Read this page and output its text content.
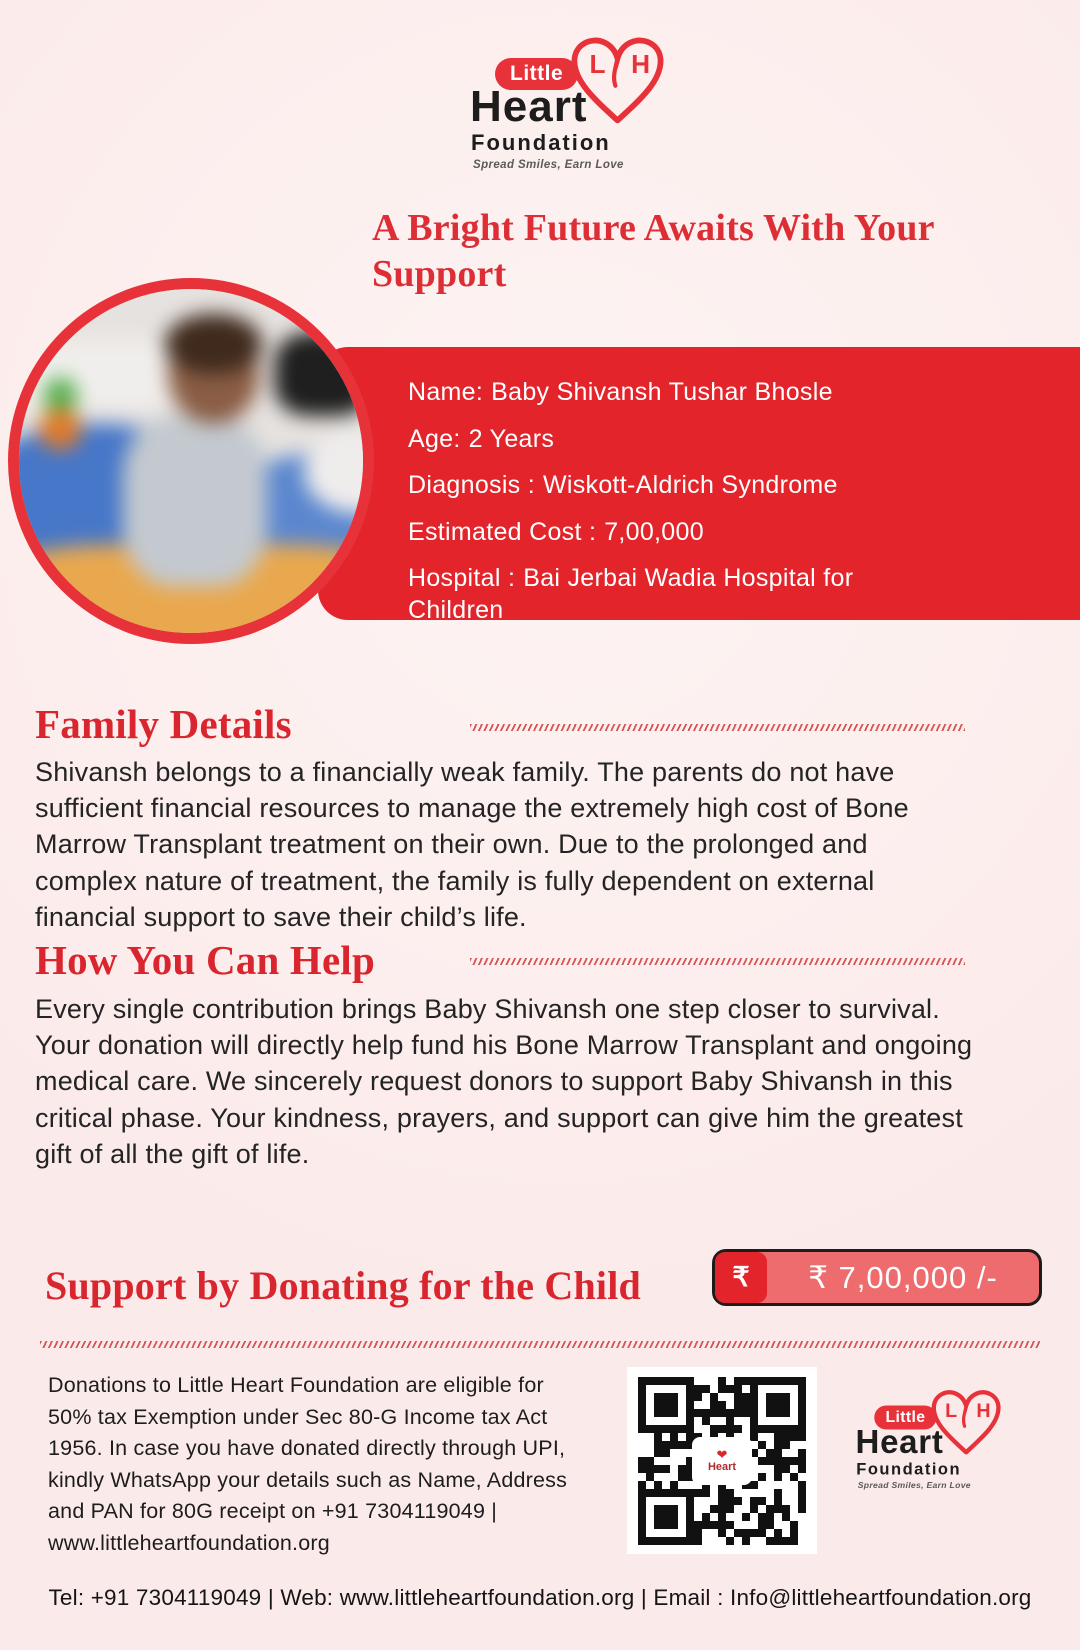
L H
Little
Heart
Foundation
Spread Smiles, Earn Love
A Bright Future Awaits With Your Support
Name: Baby Shivansh Tushar Bhosle
Age: 2 Years
Diagnosis : Wiskott-Aldrich Syndrome
Estimated Cost : 7,00,000
Hospital : Bai Jerbai Wadia Hospital for Children
Family Details
Shivansh belongs to a financially weak family. The parents do not have sufficient financial resources to manage the extremely high cost of Bone Marrow Transplant treatment on their own. Due to the prolonged and complex nature of treatment, the family is fully dependent on external financial support to save their child’s life.
How You Can Help
Every single contribution brings Baby Shivansh one step closer to survival. Your donation will directly help fund his Bone Marrow Transplant and ongoing medical care. We sincerely request donors to support Baby Shivansh in this critical phase. Your kindness, prayers, and support can give him the greatest gift of all the gift of life.
Support by Donating for the Child	₹	₹ 7,00,000 /-
Donations to Little Heart Foundation are eligible for 50% tax Exemption under Sec 80-G Income tax Act 1956. In case you have donated directly through UPI, kindly WhatsApp your details such as Name, Address and PAN for 80G receipt on +91 7304119049 | www.littleheartfoundation.org
❤
Heart
L H
Little
Heart
Foundation
Spread Smiles, Earn Love
Tel: +91 7304119049 | Web: www.littleheartfoundation.org | Email : Info@littleheartfoundation.org
